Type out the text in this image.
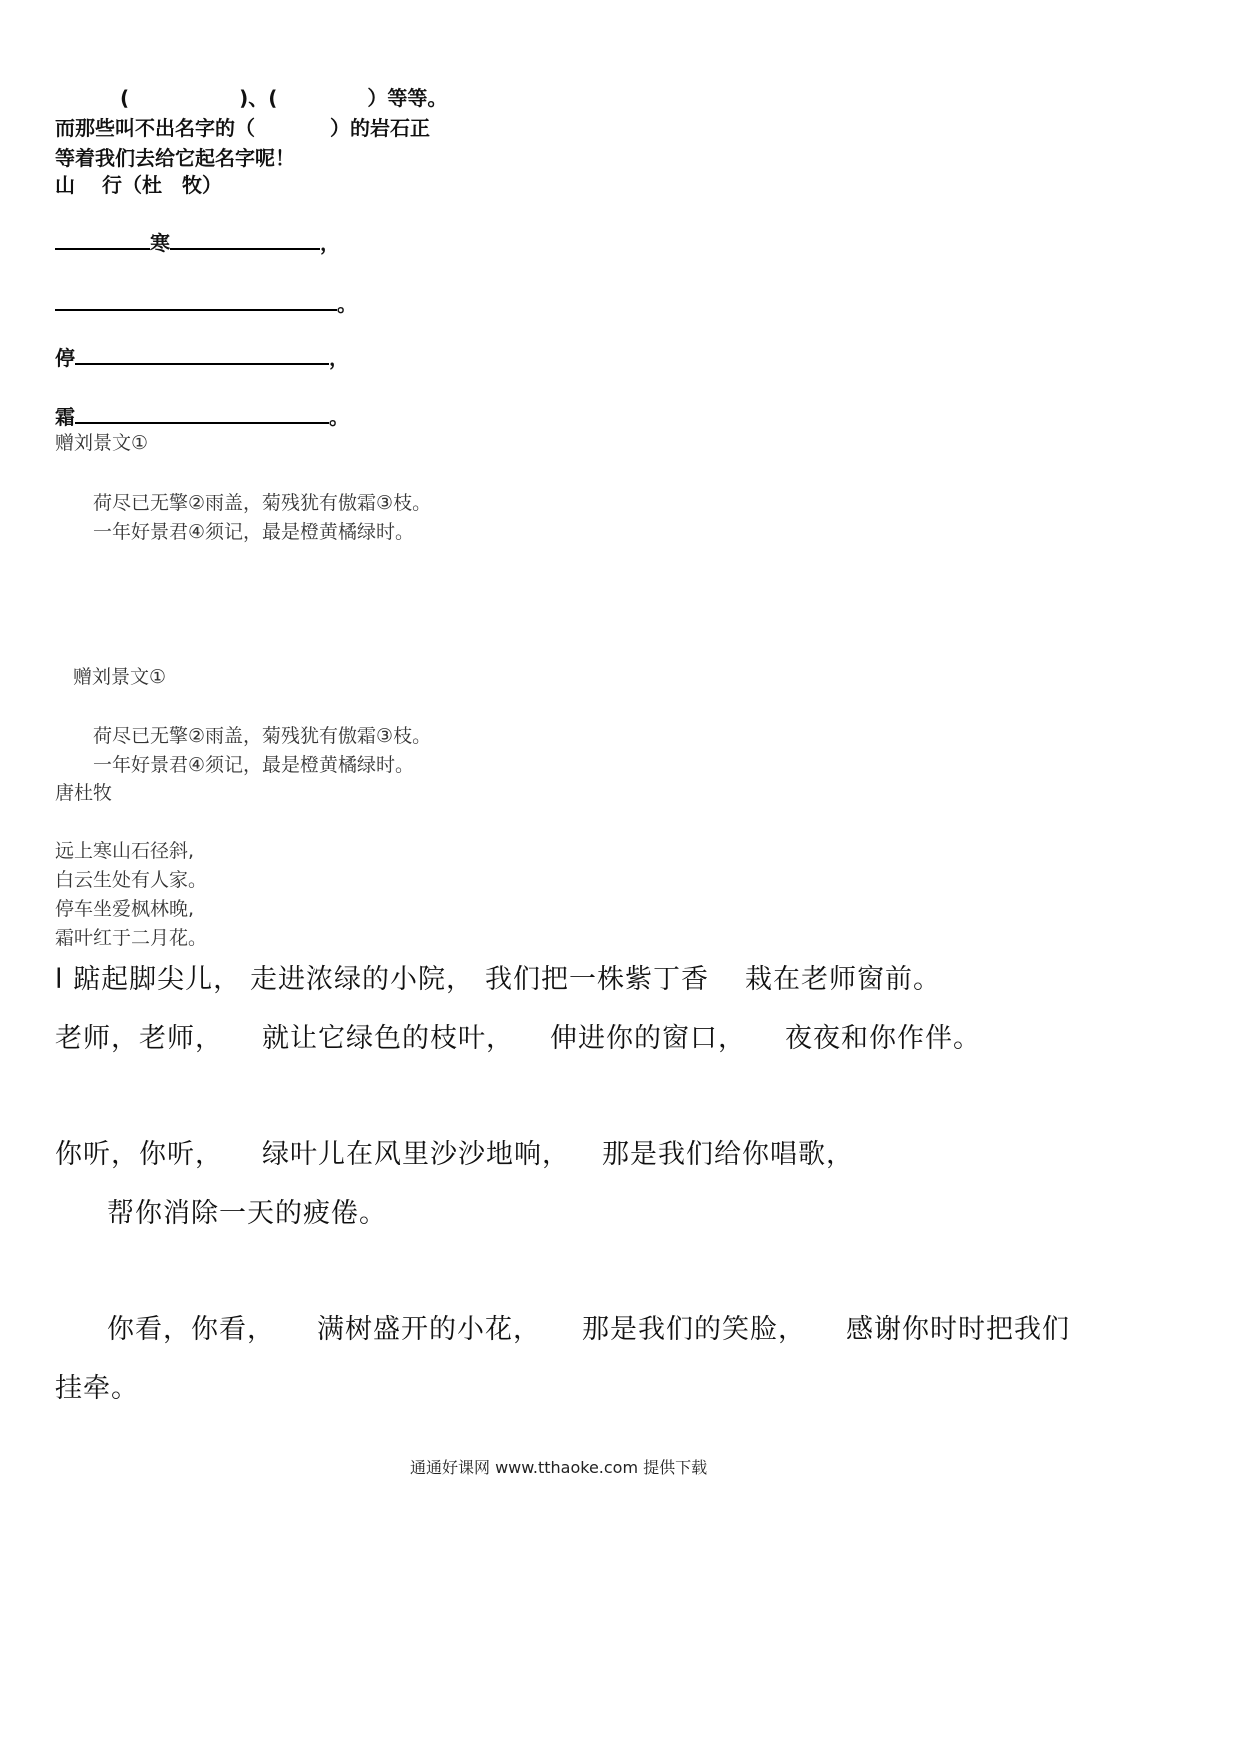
(	)、(	）等等。
而那些叫不出名字的（	）的岩石正
等着我们去给它起名字呢！
山　 行（杜　牧）
寒	，
。
停	，
霜	。
赠刘景文①
荷尽已无擎②雨盖，菊残犹有傲霜③枝。
一年好景君④须记，最是橙黄橘绿时。
赠刘景文①
荷尽已无擎②雨盖，菊残犹有傲霜③枝。
一年好景君④须记，最是橙黄橘绿时。
唐杜牧
远上寒山石径斜,
白云生处有人家。
停车坐爱枫林晚,
霜叶红于二月花。
l 踮起脚尖儿， 走进浓绿的小院， 我们把一株紫丁香 栽在老师窗前。
老师，老师， 就让它绿色的枝叶， 伸进你的窗口， 夜夜和你作伴。
你听，你听， 绿叶儿在风里沙沙地响， 那是我们给你唱歌，
帮你消除一天的疲倦。
你看，你看， 满树盛开的小花， 那是我们的笑脸， 感谢你时时把我们
挂牵。
通通好课网 www.tthaoke.com 提供下载
